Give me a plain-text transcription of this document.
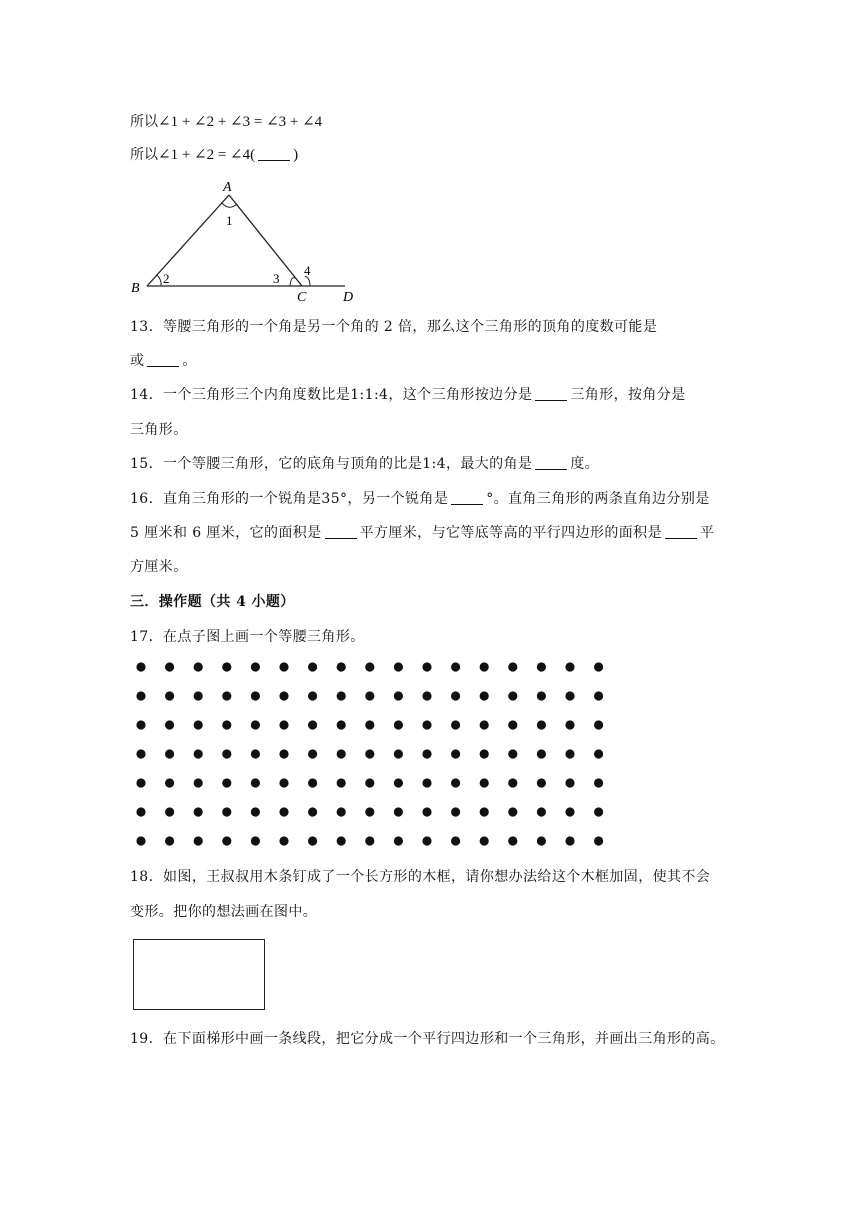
所以∠1 + ∠2 + ∠3 = ∠3 + ∠4
所以∠1 + ∠2 = ∠4(	)
A
B
C	D
1
2	3
4
13．等腰三角形的一个角是另一个角的 2 倍，那么这个三角形的顶角的度数可能是
或	。
14．一个三角形三个内角度数比是1:1:4，这个三角形按边分是	三角形，按角分是
三角形。
15．一个等腰三角形，它的底角与顶角的比是1:4，最大的角是	度。
16．直角三角形的一个锐角是35°，另一个锐角是	°。直角三角形的两条直角边分别是
5 厘米和 6 厘米，它的面积是	平方厘米，与它等底等高的平行四边形的面积是	平
方厘米。
三．操作题（共 4 小题）
17．在点子图上画一个等腰三角形。
18．如图，王叔叔用木条钉成了一个长方形的木框，请你想办法给这个木框加固，使其不会
变形。把你的想法画在图中。
19．在下面梯形中画一条线段，把它分成一个平行四边形和一个三角形，并画出三角形的高。
